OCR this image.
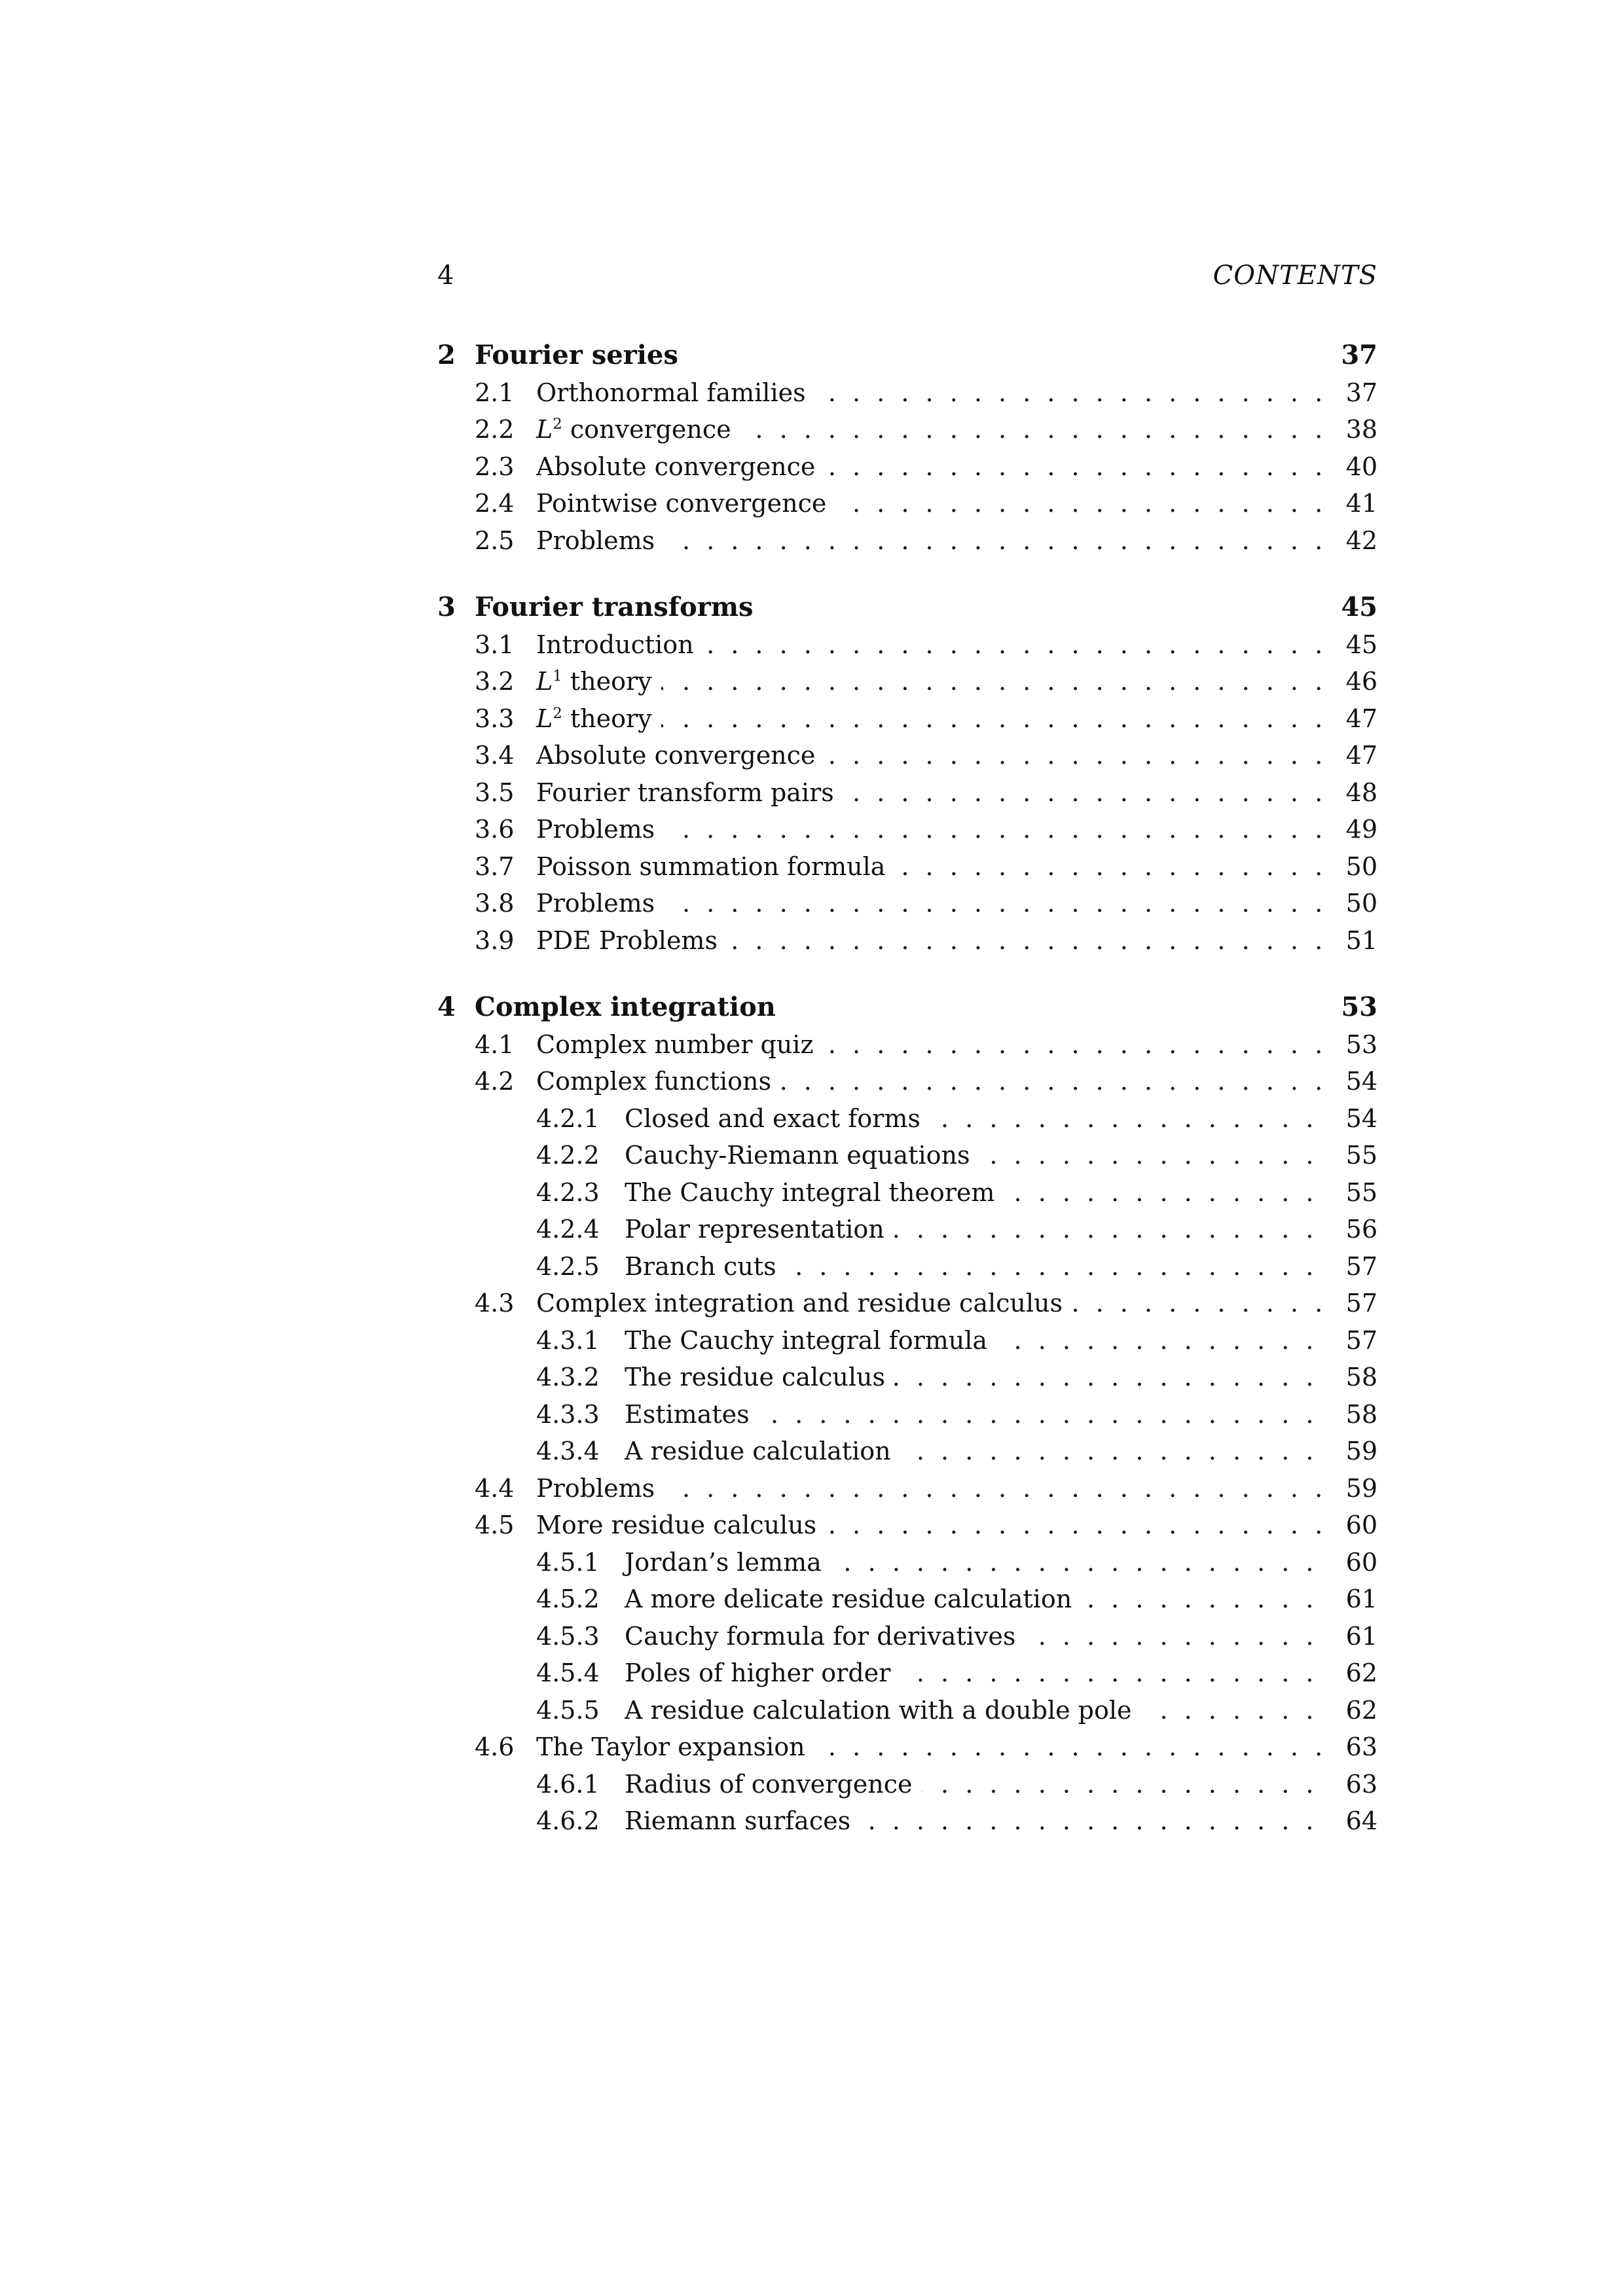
4	CONTENTS
2 Fourier series	37
2.1 . . . Orthonormal families	37
2.2 . . . $L^2$ convergence	38
2.3 . . . Absolute convergence	40
2.4 . . . Pointwise convergence	41
2.5 . . . Problems	42
3 Fourier transforms	45
3.1 . . . Introduction	45
3.2 . . . $L^1$ theory	46
3.3 . . . $L^2$ theory	47
3.4 . . . Absolute convergence	47
3.5 . . . Fourier transform pairs	48
3.6 . . . Problems	49
3.7 . . . Poisson summation formula	50
3.8 . . . Problems	50
3.9 . . . PDE Problems	51
4 Complex integration	53
4.1 . . . Complex number quiz	53
4.2 . . . Complex functions	54
4.2.1 . . . Closed and exact forms	54
4.2.2 . . . Cauchy-Riemann equations	55
4.2.3 . . . The Cauchy integral theorem	55
4.2.4 . . . Polar representation	56
4.2.5 . . . Branch cuts	57
4.3 . . . Complex integration and residue calculus	57
4.3.1 . . . The Cauchy integral formula	57
4.3.2 . . . The residue calculus	58
4.3.3 . . . Estimates	58
4.3.4 . . . A residue calculation	59
4.4 . . . Problems	59
4.5 . . . More residue calculus	60
4.5.1 . . . Jordan’s lemma	60
4.5.2 . . . A more delicate residue calculation	61
4.5.3 . . . Cauchy formula for derivatives	61
4.5.4 . . . Poles of higher order	62
4.5.5 . . . A residue calculation with a double pole	62
4.6 . . . The Taylor expansion	63
4.6.1 . . . Radius of convergence	63
4.6.2 . . . Riemann surfaces	64
